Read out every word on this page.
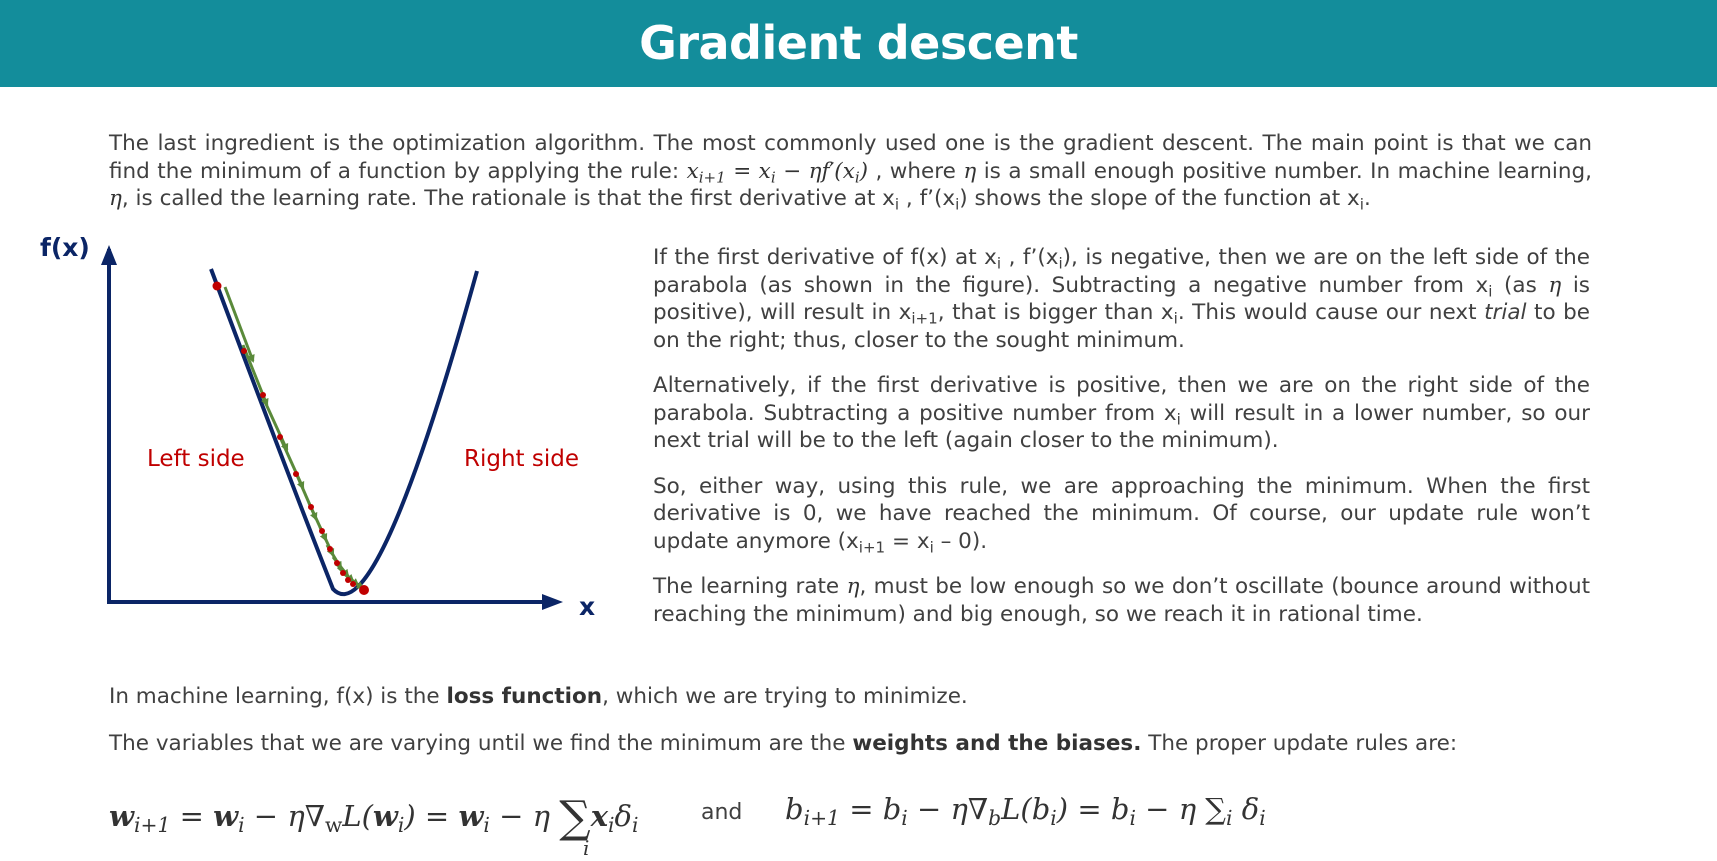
Gradient descent

The last ingredient is the optimization algorithm. The most commonly used one is the gradient descent. The main point is that we can find the minimum of a function by applying the rule: $x_{i+1} = x_i - \eta f'(x_i)$ , where η is a small enough positive number. In machine learning, η, is called the learning rate. The rationale is that the first derivative at $x_i$ , $f’(x_i)$ shows the slope of the function at $x_i$.

f(x)
x
Left side	Right side

If the first derivative of f(x) at $x_i$ , $f’(x_i)$, is negative, then we are on the left side of the parabola (as shown in the figure). Subtracting a negative number from $x_i$ (as η is positive), will result in $x_{i+1}$, that is bigger than $x_i$. This would cause our next trial to be on the right; thus, closer to the sought minimum.

Alternatively, if the first derivative is positive, then we are on the right side of the parabola. Subtracting a positive number from $x_i$ will result in a lower number, so our next trial will be to the left (again closer to the minimum).

So, either way, using this rule, we are approaching the minimum. When the first derivative is 0, we have reached the minimum. Of course, our update rule won’t update anymore $(x_{i+1} = x_i - 0)$.

The learning rate η, must be low enough so we don’t oscillate (bounce around without reaching the minimum) and big enough, so we reach it in rational time.

In machine learning, f(x) is the loss function, which we are trying to minimize.

The variables that we are varying until we find the minimum are the weights and the biases. The proper update rules are:

$w_{i+1} = w_i - \eta\nabla_wL(w_i) = w_i - \eta$ $\sum x_i\delta_i$
i
and $b_{i+1} = b_i - \eta\nabla_bL(b_i) = b_i - \eta$ $\sum_i$ $\delta_i$
